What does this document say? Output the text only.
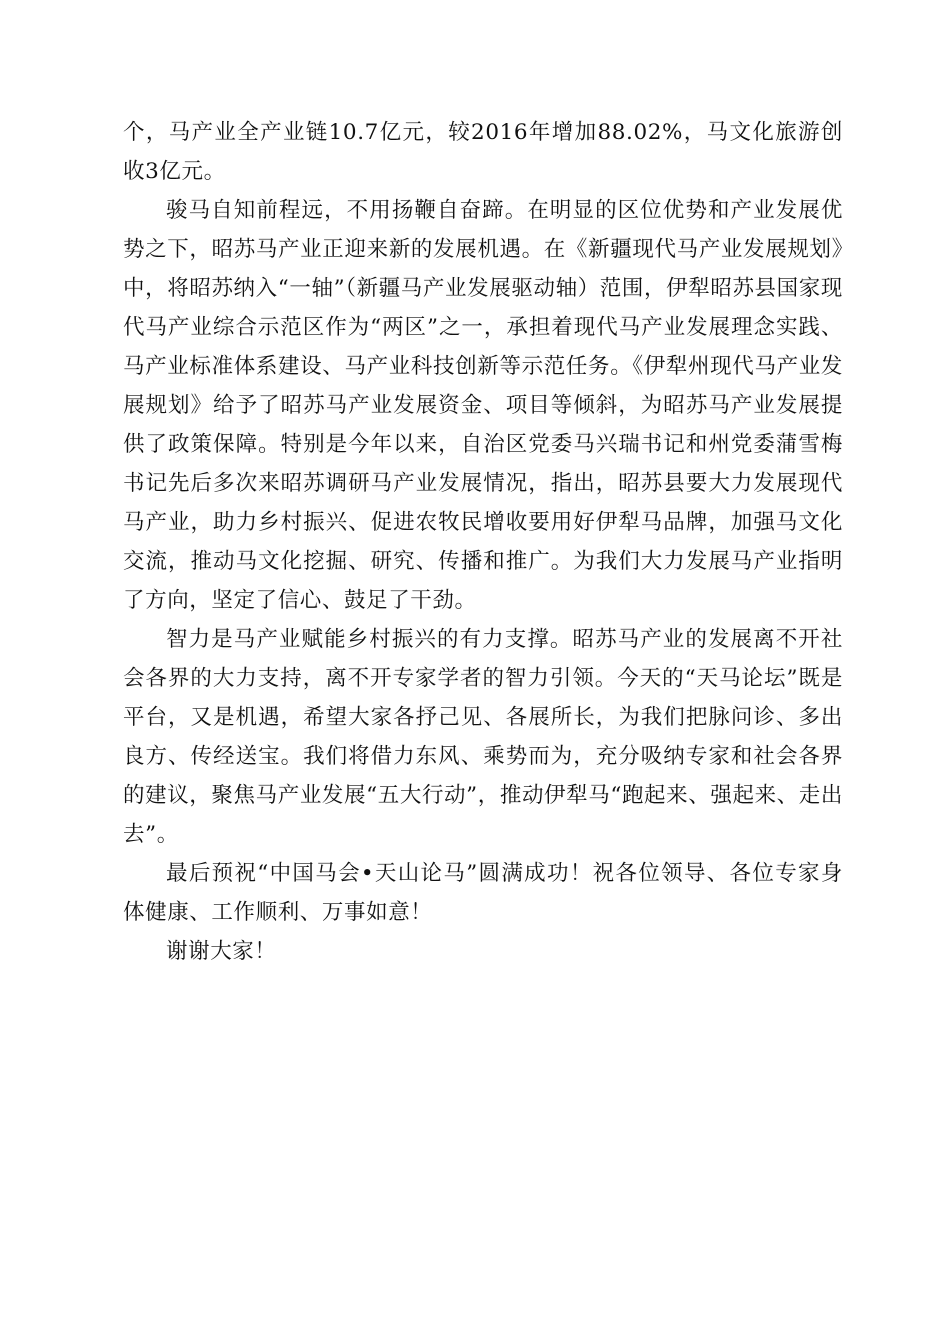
个，马产业全产业链10.7亿元，较2016年增加88.02%，马文化旅游创收3亿元。

骏马自知前程远，不用扬鞭自奋蹄。在明显的区位优势和产业发展优势之下，昭苏马产业正迎来新的发展机遇。在《新疆现代马产业发展规划》中，将昭苏纳入“一轴”（新疆马产业发展驱动轴）范围，伊犁昭苏县国家现代马产业综合示范区作为“两区”之一，承担着现代马产业发展理念实践、马产业标准体系建设、马产业科技创新等示范任务。《伊犁州现代马产业发展规划》给予了昭苏马产业发展资金、项目等倾斜，为昭苏马产业发展提供了政策保障。特别是今年以来，自治区党委马兴瑞书记和州党委蒲雪梅书记先后多次来昭苏调研马产业发展情况，指出，昭苏县要大力发展现代马产业，助力乡村振兴、促进农牧民增收要用好伊犁马品牌，加强马文化交流，推动马文化挖掘、研究、传播和推广。为我们大力发展马产业指明了方向，坚定了信心、鼓足了干劲。

智力是马产业赋能乡村振兴的有力支撑。昭苏马产业的发展离不开社会各界的大力支持，离不开专家学者的智力引领。今天的“天马论坛”既是平台，又是机遇，希望大家各抒己见、各展所长，为我们把脉问诊、多出良方、传经送宝。我们将借力东风、乘势而为，充分吸纳专家和社会各界的建议，聚焦马产业发展“五大行动”，推动伊犁马“跑起来、强起来、走出去”。

最后预祝“中国马会•天山论马”圆满成功！祝各位领导、各位专家身体健康、工作顺利、万事如意！

谢谢大家！
